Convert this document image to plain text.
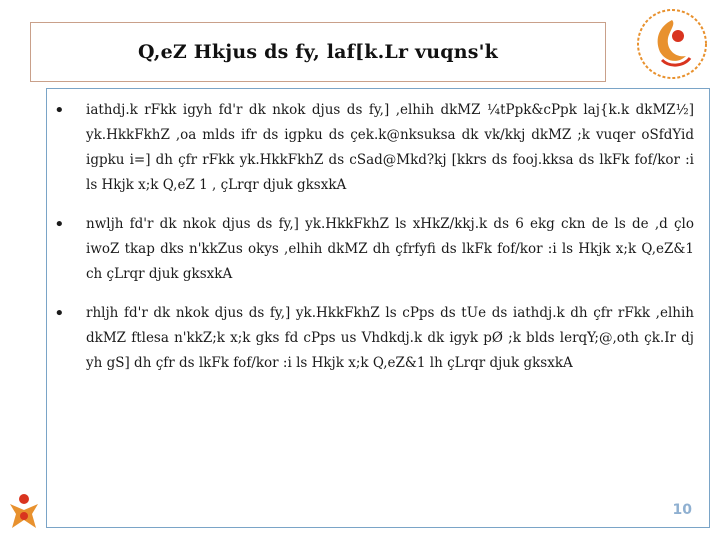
Q,eZ Hkjus ds fy, laf[k.Lr vuqns'k
• iathdj.k rFkk igyh fd'r dk nkok djus ds fy,] ,elhih dkMZ ¼tPpk&cPpk laj{k.k dkMZ½] yk.HkkFkhZ ,oa mlds ifr ds igpku ds çek.k@nksuksa dk vk/kkj dkMZ ;k vuqer oSfdYid igpku i=] dh çfr rFkk yk.HkkFkhZ ds cSad@Mkd?kj [kkrs ds fooj.kksa ds lkFk fof/kor :i ls Hkjk x;k Q,eZ 1 , çLrqr djuk gksxkA
• nwljh fd'r dk nkok djus ds fy,] yk.HkkFkhZ ls xHkZ/kkj.k ds 6 ekg ckn de ls de ,d çlo iwoZ tkap dks n'kkZus okys ,elhih dkMZ dh çfrfyfi ds lkFk fof/kor :i ls Hkjk x;k Q,eZ&1 ch çLrqr djuk gksxkA
• rhljh fd'r dk nkok djus ds fy,] yk.HkkFkhZ ls cPps ds tUe ds iathdj.k dh çfr rFkk ,elhih dkMZ ftlesa n'kkZ;k x;k gks fd cPps us Vhdkdj.k dk igyk pØ ;k blds lerqY;@,oth çk.Ir dj yh gS] dh çfr ds lkFk fof/kor :i ls Hkjk x;k Q,eZ&1 lh çLrqr djuk gksxkA
10
